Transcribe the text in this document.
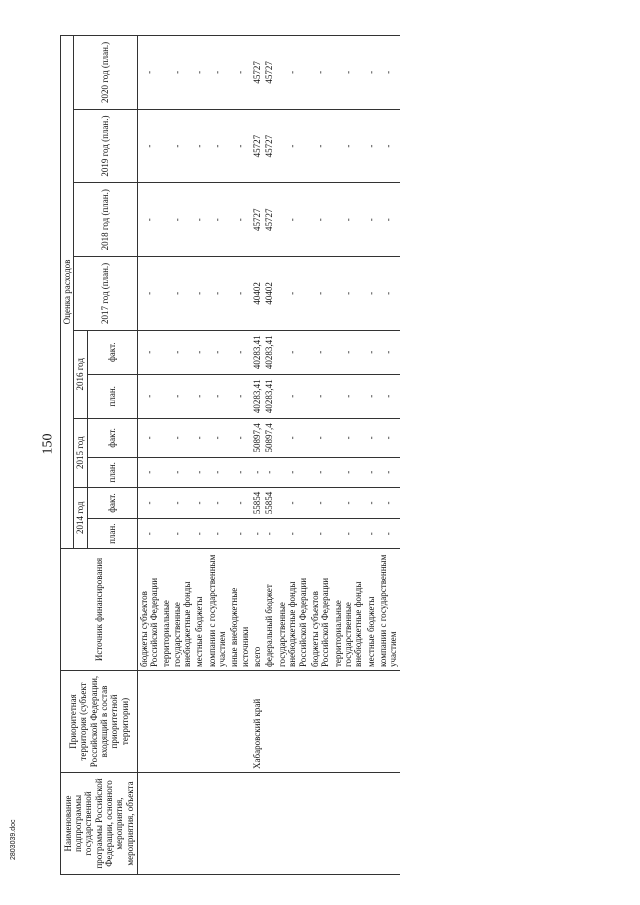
150
Наименование подпрограммы государственной программы Российской Федерации, основного мероприятия, мероприятия, объекта	Приоритетная территория (субъект Российской Федерации, входящий в состав приоритетной территории)	Источник финансирования	Оценка расходов									
			2014 год		2015 год		2016 год		2017 год (план.)	2018 год (план.)	2019 год (план.)	2020 год (план.)
			план.	факт.	план.	факт.	план.	факт.				
		бюджеты субъектов Российской Федерации	-	-	-	-	-	-	-	-	-	-
		территориальные государственные внебюджетные фонды	-	-	-	-	-	-	-	-	-	-
		местные бюджеты	-	-	-	-	-	-	-	-	-	-
		компании с государственным участием	-	-	-	-	-	-	-	-	-	-
		иные внебюджетные источники	-	-	-	-	-	-	-	-	-	-
	Хабаровский край	всего	-	55854	-	50897,4	40283,41	40283,41	40402	45727	45727	45727
		федеральный бюджет	-	55854	-	50897,4	40283,41	40283,41	40402	45727	45727	45727
		государственные внебюджетные фонды Российской Федерации	-	-	-	-	-	-	-	-	-	-
		бюджеты субъектов Российской Федерации	-	-	-	-	-	-	-	-	-	-
		территориальные государственные внебюджетные фонды	-	-	-	-	-	-	-	-	-	-
		местные бюджеты	-	-	-	-	-	-	-	-	-	-
		компании с государственным участием	-	-	-	-	-	-	-	-	-	-
2803039.doc
